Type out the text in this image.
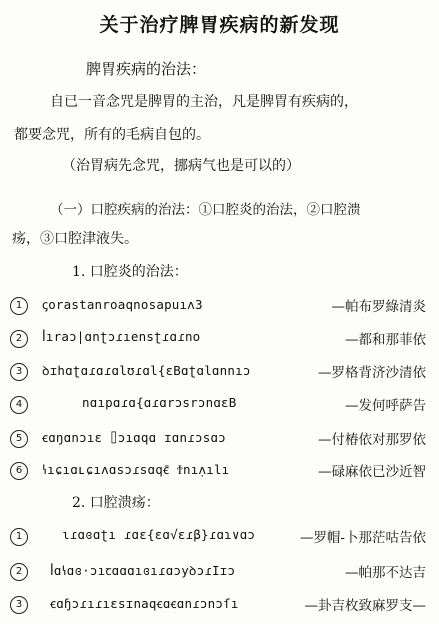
关于治疗脾胃疾病的新发现
脾胃疾病的治法：
自已一音念咒是脾胃的主治，凡是脾胃有疾病的，
都要念咒，所有的毛病自包的。
（治胃病先念咒，挪病气也是可以的）
（一）口腔疾病的治法：①口腔炎的治法，②口腔溃
疡，③口腔津液失。
1. 口腔炎的治法：
1	ꞔorastanroaqnosapuıʌ3	—帕布罗綠清炎
2	ꟾıraɔ|ɑnʈɔɾıensʈɾɑɾno	—都和那菲依
3	ꝺɪhɑʈɑɾɑɾɑlʊɾɑl{ɛBɑʈɑlɑnnıɔ	—罗格背济沙清依
4	nɑıpɑɾɑ{ɑɾɑrɔsrɔnɑɛB	—发何呼萨告
5	ꞓɑŋɑnɔıɛ ⌷ɔıɑqɑ ɪɑnɾɔsɑɔ	—付椿依对那罗依
6	ꝇıɕıɑʟɕıʌɑsɔɾsɑqꞓ̄ Ϯnıʌ̣ılı	—碌麻依已沙近智
2. 口腔溃疡：
1	ɩɾɑɞɑʈı ɾɑɛ{ɛɑ√ɛɾβ}ɾɑɿ∨ɑɔ	—罗帽-卜那茫咕告依
2	ꟾɑꝇɑɞ·ɔıꞇɑɑɑıɞıɾɑɔyꝺɔɾIɪɔ	—帕那不达吉
3	ꞓɑɧɔɾıɾıɛsɪnaqꞓɑꞓɑnɾɔnɔſı	—卦吉枚致麻罗支—
